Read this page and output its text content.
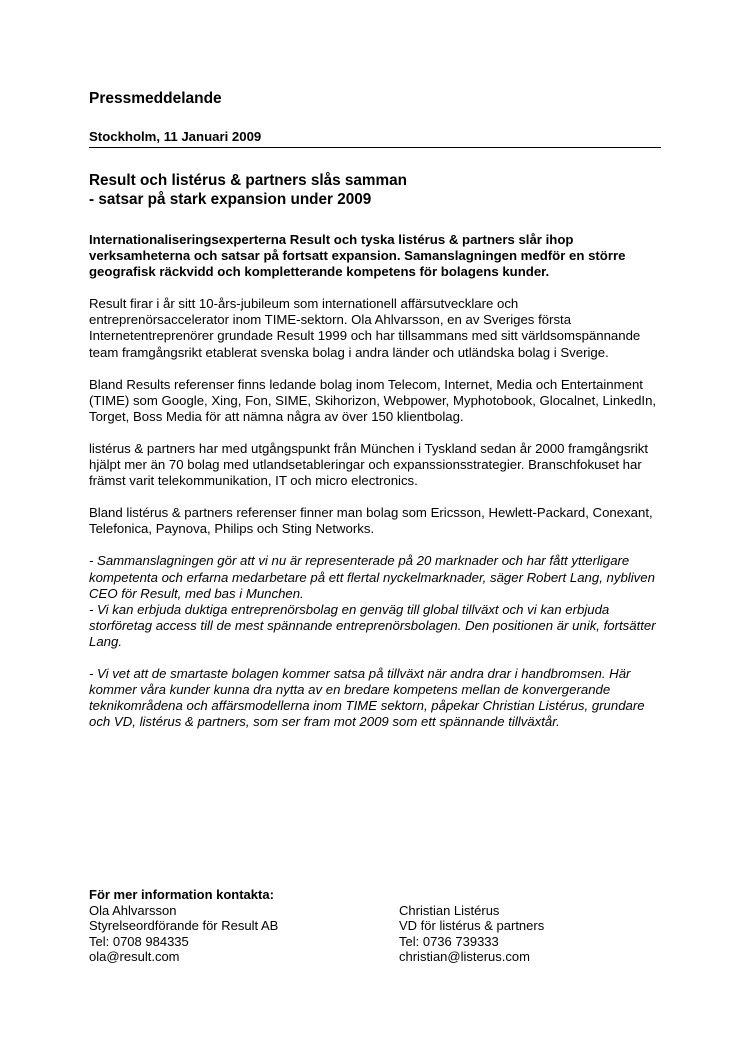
Pressmeddelande
Stockholm, 11 Januari 2009
Result och listérus & partners slås samman
- satsar på stark expansion under 2009

Internationaliseringsexperterna Result och tyska listérus & partners slår ihop verksamheterna och satsar på fortsatt expansion. Samanslagningen medför en större geografisk räckvidd och kompletterande kompetens för bolagens kunder.

Result firar i år sitt 10-års-jubileum som internationell affärsutvecklare och entreprenörsaccelerator inom TIME-sektorn. Ola Ahlvarsson, en av Sveriges första Internetentreprenörer grundade Result 1999 och har tillsammans med sitt världsomspännande team framgångsrikt etablerat svenska bolag i andra länder och utländska bolag i Sverige.

Bland Results referenser finns ledande bolag inom Telecom, Internet, Media och Entertainment (TIME) som Google, Xing, Fon, SIME, Skihorizon, Webpower, Myphotobook, Glocalnet, LinkedIn, Torget, Boss Media för att nämna några av över 150 klientbolag.

listérus & partners har med utgångspunkt från München i Tyskland sedan år 2000 framgångsrikt hjälpt mer än 70 bolag med utlandsetableringar och expanssionsstrategier. Branschfokuset har främst varit telekommunikation, IT och micro electronics.

Bland listérus & partners referenser finner man bolag som Ericsson, Hewlett-Packard, Conexant, Telefonica, Paynova, Philips och Sting Networks.

- Sammanslagningen gör att vi nu är representerade på 20 marknader och har fått ytterligare kompetenta och erfarna medarbetare på ett flertal nyckelmarknader, säger Robert Lang, nybliven CEO för Result, med bas i Munchen.
- Vi kan erbjuda duktiga entreprenörsbolag en genväg till global tillväxt och vi kan erbjuda storföretag access till de mest spännande entreprenörsbolagen. Den positionen är unik, fortsätter Lang.

- Vi vet att de smartaste bolagen kommer satsa på tillväxt när andra drar i handbromsen. Här kommer våra kunder kunna dra nytta av en bredare kompetens mellan de konvergerande teknikområdena och affärsmodellerna inom TIME sektorn, påpekar Christian Listérus, grundare och VD, listérus & partners, som ser fram mot 2009 som ett spännande tillväxtår.

För mer information kontakta:
Ola Ahlvarsson
Styrelseordförande för Result AB
Tel: 0708 984335
ola@result.com
Christian Listérus
VD för listérus & partners
Tel: 0736 739333
christian@listerus.com
